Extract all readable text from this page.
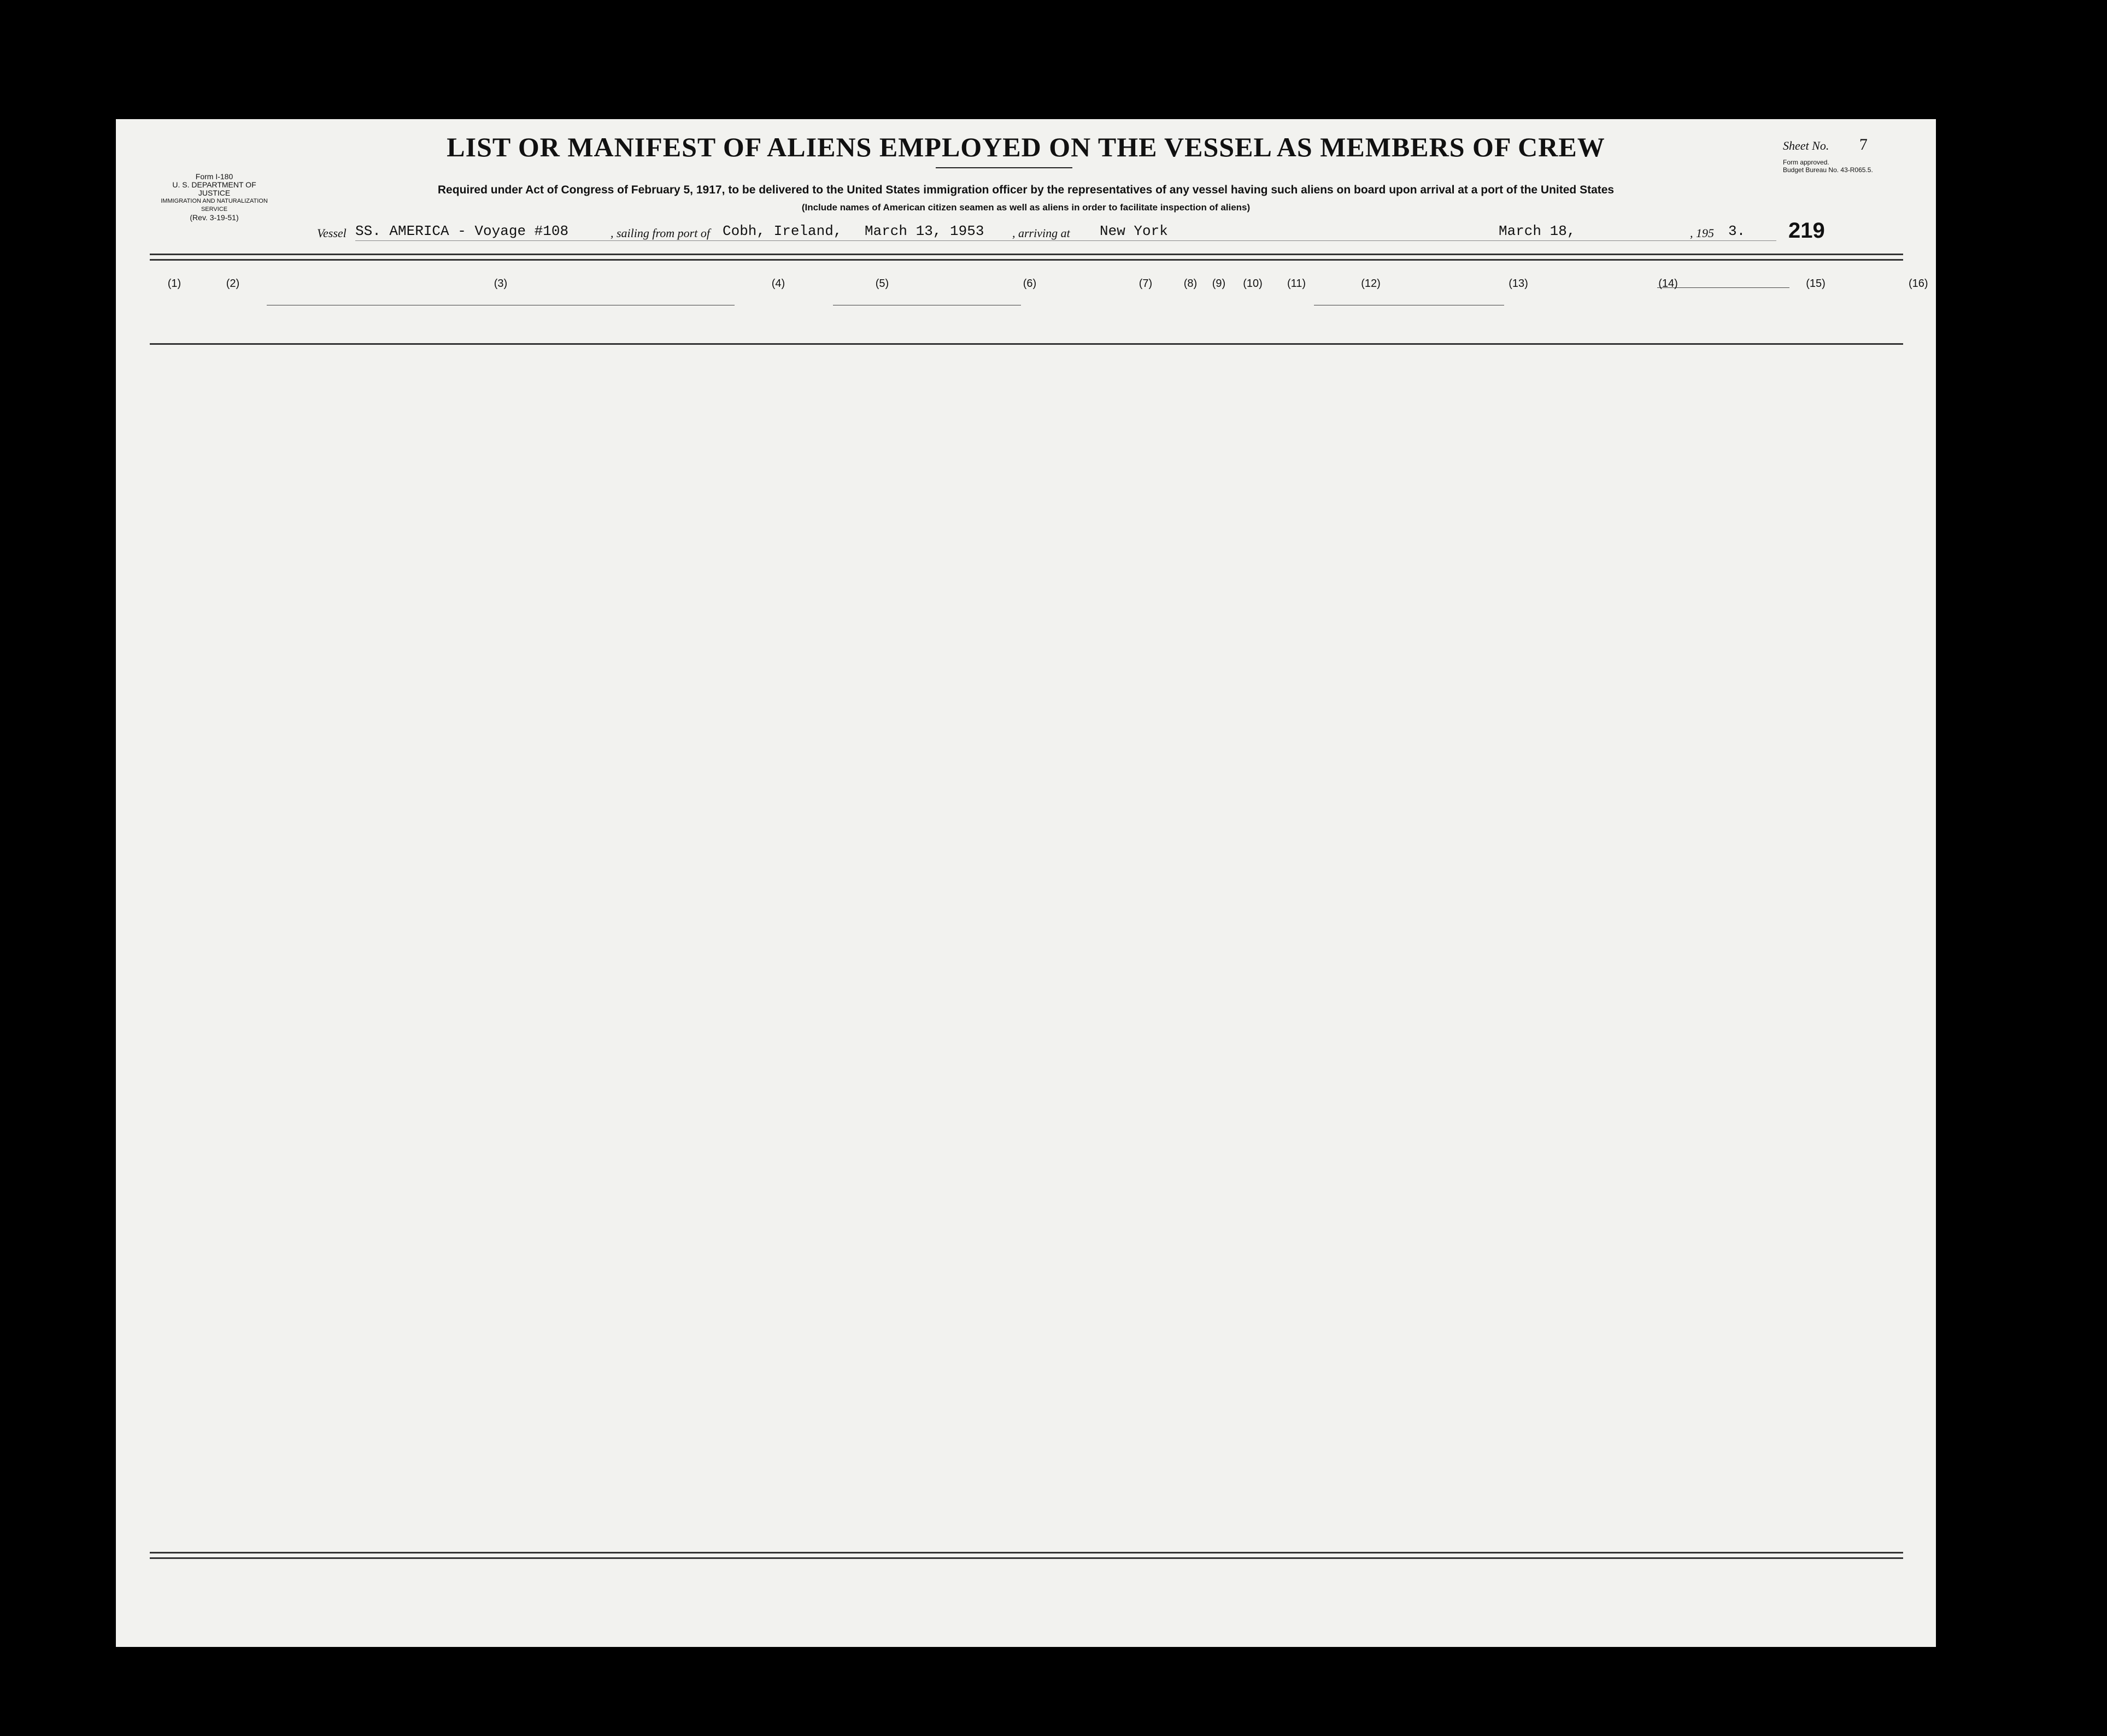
Form I-180
U. S. DEPARTMENT OF JUSTICE
IMMIGRATION AND NATURALIZATION SERVICE
(Rev. 3-19-51)
LIST OR MANIFEST OF ALIENS EMPLOYED ON THE VESSEL AS MEMBERS OF CREW	Sheet No. 7
Form approved.
Budget Bureau No. 43-R065.5.
Required under Act of Congress of February 5, 1917, to be delivered to the United States immigration officer by the representatives of any vessel having such aliens on board upon arrival at a port of the United States
(Include names of American citizen seamen as well as aliens in order to facilitate inspection of aliens)
Vessel SS. AMERICA - Voyage #108	, sailing from port of Cobh, Ireland, March 13, 1953 , arriving at New York	March 18,	, 195 3. 219
(1)	(2)	(3)	(4)	(5)	(6)	(7)	(8)	(9)	(10)	(11)	(12)	(13)	(14)	(15)	(16)
